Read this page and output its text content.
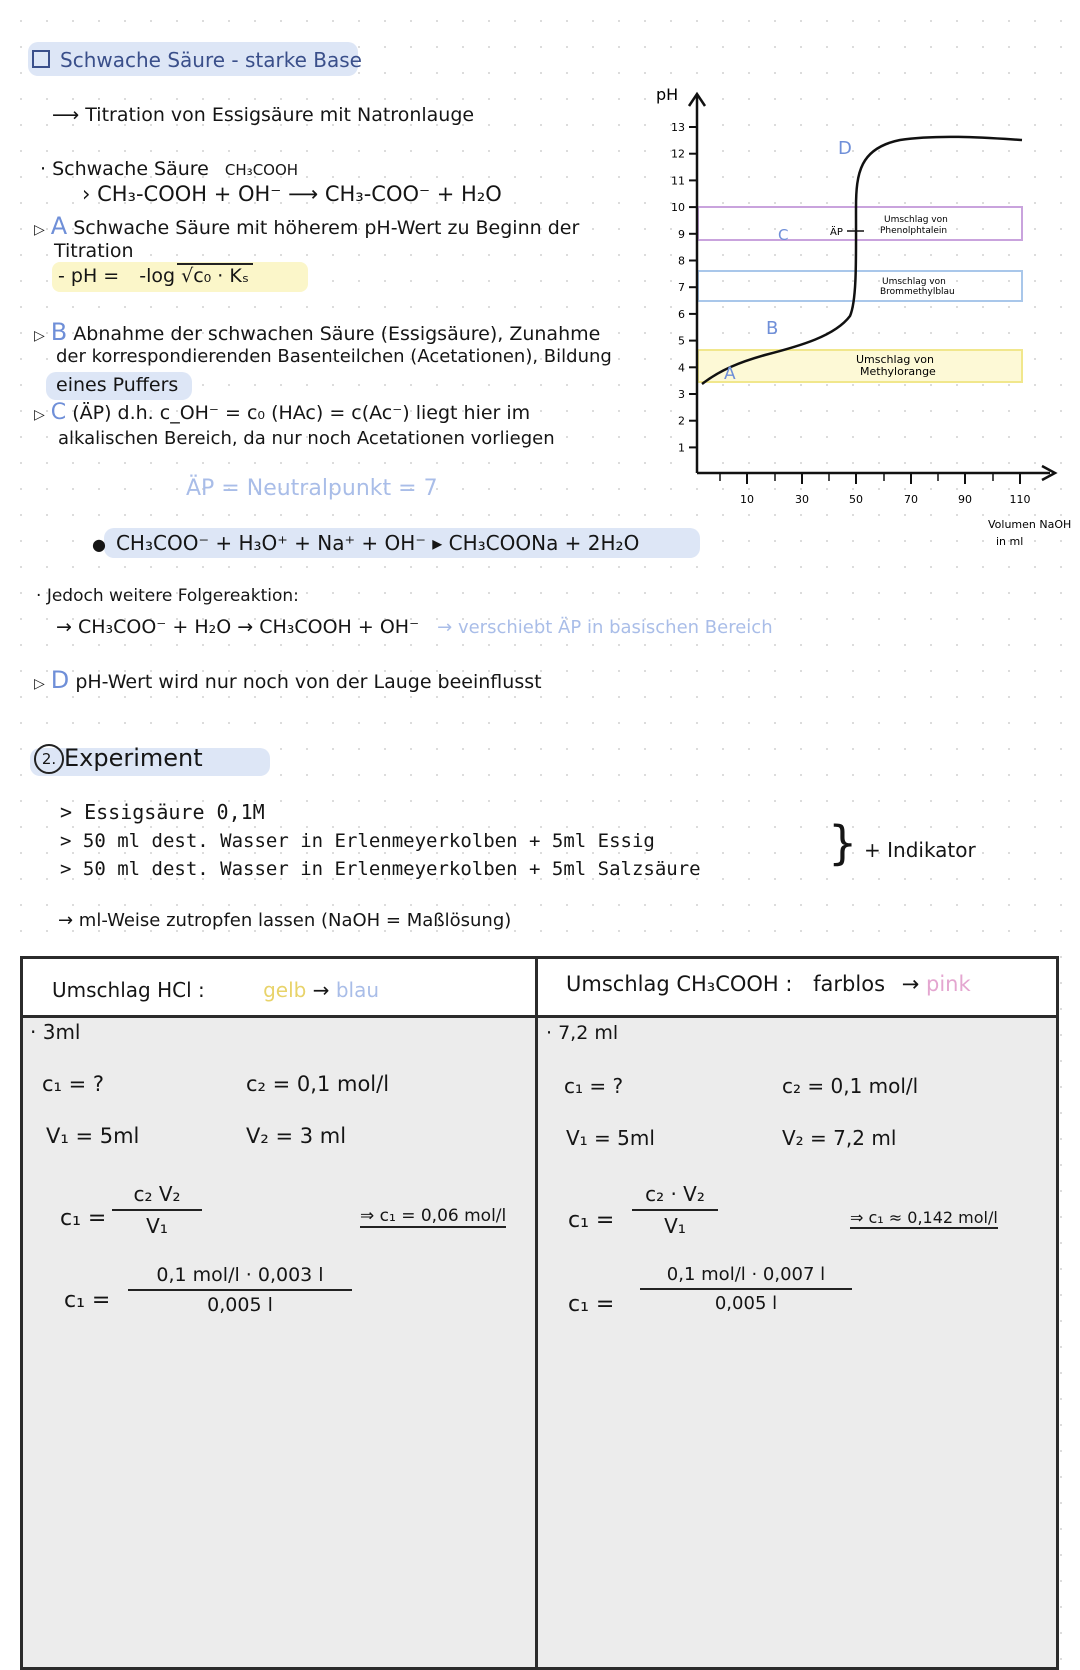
Schwache Säure - starke Base
⟶ Titration von Essigsäure mit Natronlauge
· Schwache Säure CH₃COOH
› CH₃-COOH + OH⁻ ⟶ CH₃-COO⁻ + H₂O
▷ A Schwache Säure mit höherem pH-Wert zu Beginn der
Titration
- pH = -log √c₀ · Kₛ
▷ B Abnahme der schwachen Säure (Essigsäure), Zunahme
der korrespondierenden Basenteilchen (Acetationen), Bildung
eines Puffers
▷ C (ÄP) d.h. c_OH⁻ = c₀ (HAc) = c(Ac⁻) liegt hier im
alkalischen Bereich, da nur noch Acetationen vorliegen
ÄP = Neutralpunkt = 7
● CH₃COO⁻ + H₃O⁺ + Na⁺ + OH⁻ ▸ CH₃COONa + 2H₂O
· Jedoch weitere Folgereaktion:
→ CH₃COO⁻ + H₂O → CH₃COOH + OH⁻ → verschiebt ÄP in basischen Bereich
▷ D pH-Wert wird nur noch von der Lauge beeinflusst
pH
13
12
11
10
9
8
7
6
5
4
3
2
1
10	30	50	70	90	110
A
B
C	ÄP
D
Umschlag von
Phenolphtalein
Umschlag von
Brommethylblau
Umschlag von
Methylorange
Volumen NaOH
in ml
2. Experiment
> Essigsäure 0,1M
> 50 ml dest. Wasser in Erlenmeyerkolben + 5ml Essig
> 50 ml dest. Wasser in Erlenmeyerkolben + 5ml Salzsäure	} + Indikator
→ ml-Weise zutropfen lassen (NaOH = Maßlösung)
Umschlag HCl :	gelb → blau
· 3ml
c₁ = ?	c₂ = 0,1 mol/l
V₁ = 5ml	V₂ = 3 ml
c₁ =
c₂ V₂
V₁	⇒ c₁ = 0,06 mol/l
c₁ =
0,1 mol/l · 0,003 l
0,005 l
Umschlag CH₃COOH : farblos → pink
· 7,2 ml
c₁ = ?	c₂ = 0,1 mol/l
V₁ = 5ml	V₂ = 7,2 ml
c₁ =
c₂ · V₂
V₁	⇒ c₁ ≈ 0,142 mol/l
c₁ =
0,1 mol/l · 0,007 l
0,005 l
